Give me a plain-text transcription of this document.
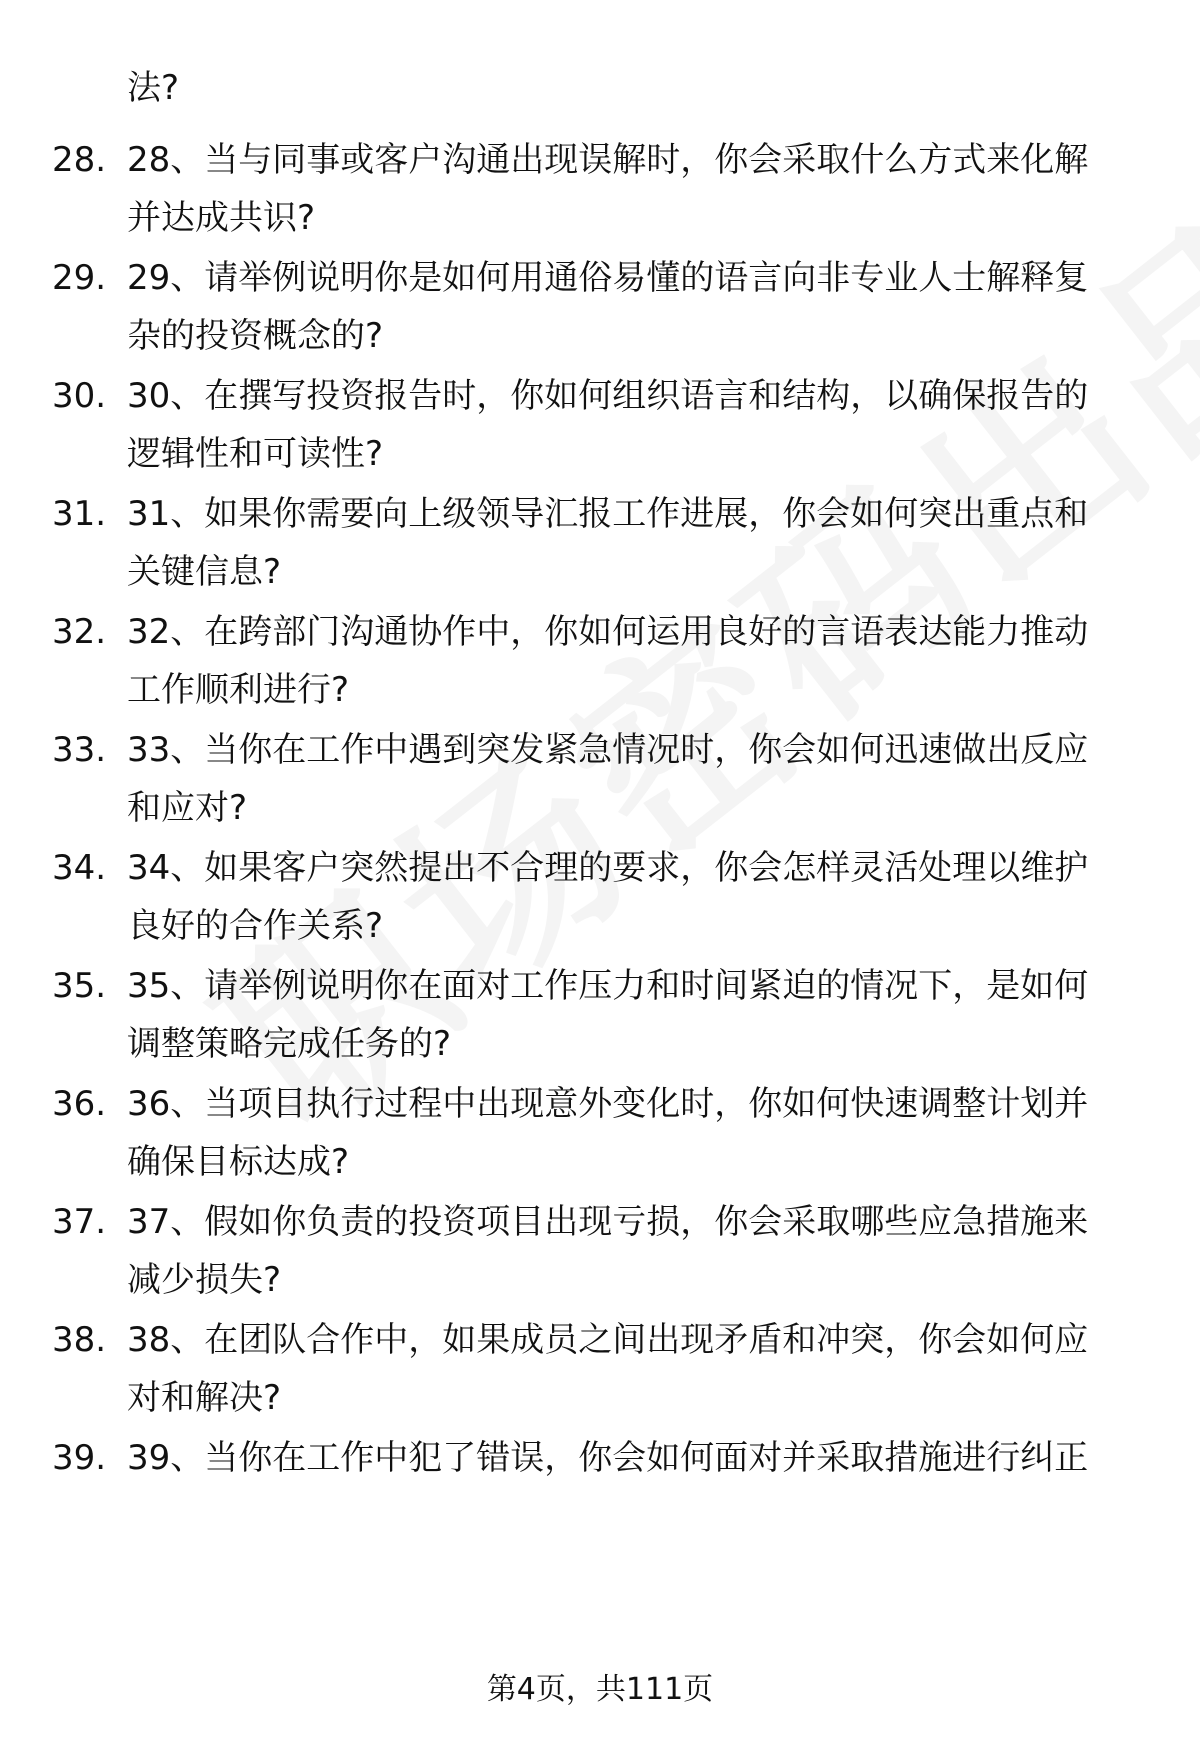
法?
28. 28、当与同事或客户沟通出现误解时，你会采取什么方式来化解
并达成共识?
29. 29、请举例说明你是如何用通俗易懂的语言向非专业人士解释复
杂的投资概念的?
30. 30、在撰写投资报告时，你如何组织语言和结构，以确保报告的
逻辑性和可读性?
31. 31、如果你需要向上级领导汇报工作进展，你会如何突出重点和
关键信息?
32. 32、在跨部门沟通协作中，你如何运用良好的言语表达能力推动
工作顺利进行?
33. 33、当你在工作中遇到突发紧急情况时，你会如何迅速做出反应
和应对?
34. 34、如果客户突然提出不合理的要求，你会怎样灵活处理以维护
良好的合作关系?
35. 35、请举例说明你在面对工作压力和时间紧迫的情况下，是如何
调整策略完成任务的?
36. 36、当项目执行过程中出现意外变化时，你如何快速调整计划并
确保目标达成?
37. 37、假如你负责的投资项目出现亏损，你会采取哪些应急措施来
减少损失?
38. 38、在团队合作中，如果成员之间出现矛盾和冲突，你会如何应
对和解决?
39. 39、当你在工作中犯了错误，你会如何面对并采取措施进行纠正
第4页，共111页
